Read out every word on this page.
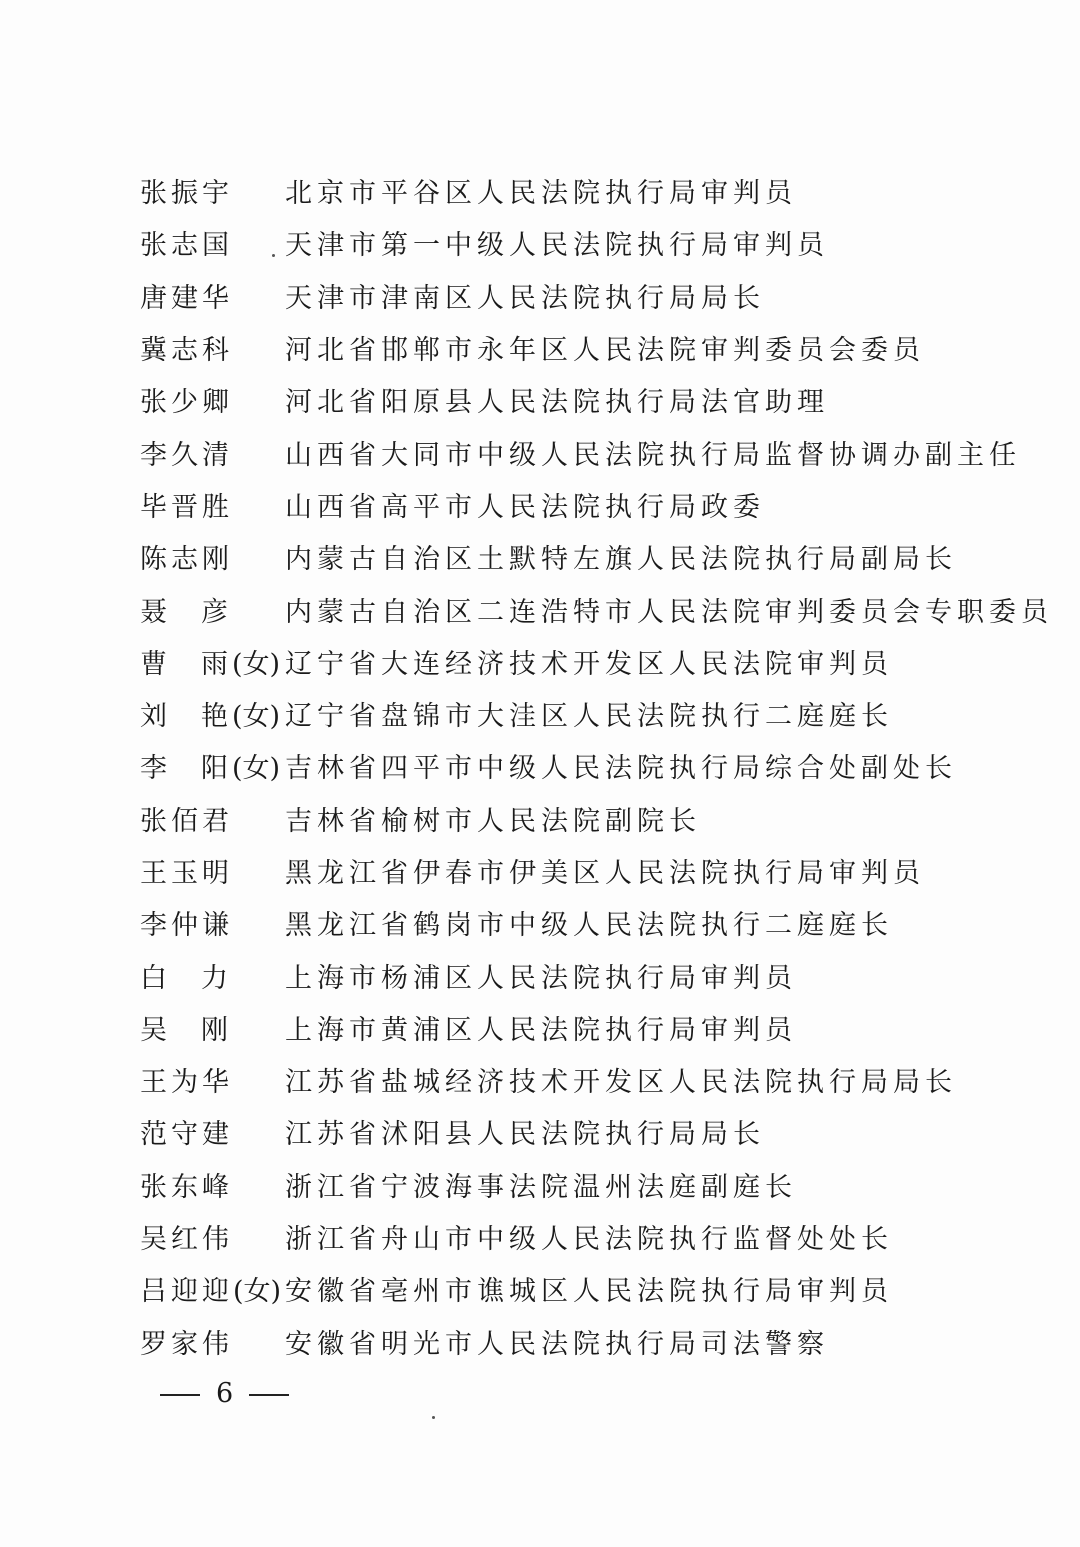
张振宇	北京市平谷区人民法院执行局审判员
张志国	天津市第一中级人民法院执行局审判员
唐建华	天津市津南区人民法院执行局局长
冀志科	河北省邯郸市永年区人民法院审判委员会委员
张少卿	河北省阳原县人民法院执行局法官助理
李久清	山西省大同市中级人民法院执行局监督协调办副主任
毕晋胜	山西省高平市人民法院执行局政委
陈志刚	内蒙古自治区土默特左旗人民法院执行局副局长
聂 彦	内蒙古自治区二连浩特市人民法院审判委员会专职委员
曹 雨(女) 辽宁省大连经济技术开发区人民法院审判员
刘 艳(女) 辽宁省盘锦市大洼区人民法院执行二庭庭长
李 阳(女) 吉林省四平市中级人民法院执行局综合处副处长
张佰君	吉林省榆树市人民法院副院长
王玉明	黑龙江省伊春市伊美区人民法院执行局审判员
李仲谦	黑龙江省鹤岗市中级人民法院执行二庭庭长
白 力	上海市杨浦区人民法院执行局审判员
吴 刚	上海市黄浦区人民法院执行局审判员
王为华	江苏省盐城经济技术开发区人民法院执行局局长
范守建	江苏省沭阳县人民法院执行局局长
张东峰	浙江省宁波海事法院温州法庭副庭长
吴红伟	浙江省舟山市中级人民法院执行监督处处长
吕迎迎(女) 安徽省亳州市谯城区人民法院执行局审判员
罗家伟	安徽省明光市人民法院执行局司法警察
6
